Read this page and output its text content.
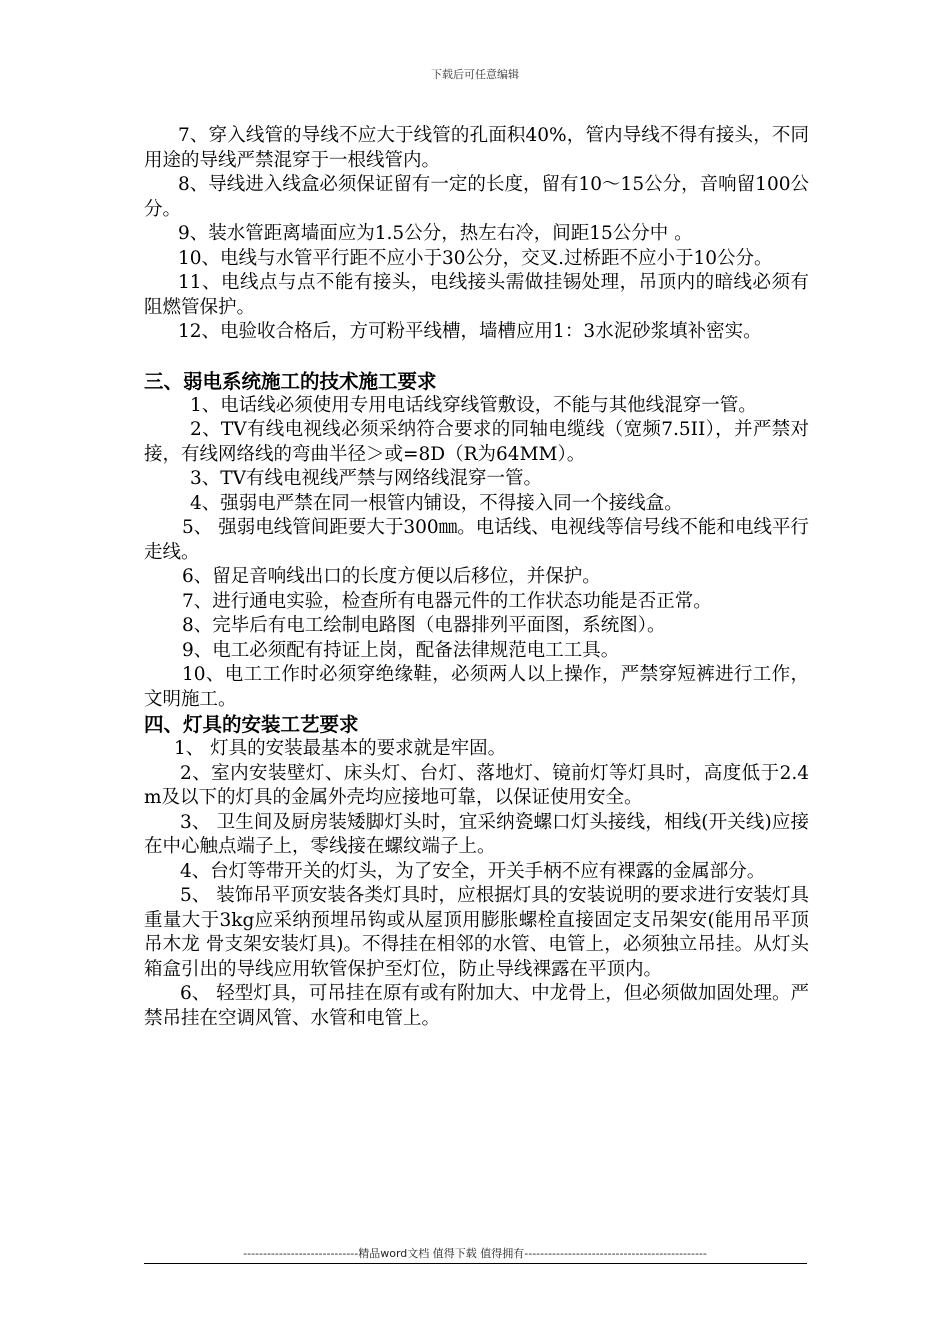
下载后可任意编辑

7、穿入线管的导线不应大于线管的孔面积40%，管内导线不得有接头，不同用途的导线严禁混穿于一根线管内。

8、导线进入线盒必须保证留有一定的长度，留有10～15公分，音响留100公分。

9、装水管距离墙面应为1.5公分，热左右冷，间距15公分中 。

10、电线与水管平行距不应小于30公分，交叉.过桥距不应小于10公分。

11、电线点与点不能有接头，电线接头需做挂锡处理，吊顶内的暗线必须有阻燃管保护。

12、电验收合格后，方可粉平线槽，墙槽应用1：3水泥砂浆填补密实。

三、弱电系统施工的技术施工要求

1、电话线必须使用专用电话线穿线管敷设，不能与其他线混穿一管。

2、TV有线电视线必须采纳符合要求的同轴电缆线（宽频7.5II），并严禁对接，有线网络线的弯曲半径＞或=8D（R为64MM）。

3、TV有线电视线严禁与网络线混穿一管。

4、强弱电严禁在同一根管内铺设，不得接入同一个接线盒。

5、 强弱电线管间距要大于300㎜。电话线、电视线等信号线不能和电线平行走线。

6、留足音响线出口的长度方便以后移位，并保护。

7、进行通电实验，检查所有电器元件的工作状态功能是否正常。

8、完毕后有电工绘制电路图（电器排列平面图，系统图）。

9、电工必须配有持证上岗，配备法律规范电工工具。

10、电工工作时必须穿绝缘鞋，必须两人以上操作，严禁穿短裤进行工作，文明施工。

四、灯具的安装工艺要求

1、 灯具的安装最基本的要求就是牢固。

2、室内安装壁灯、床头灯、台灯、落地灯、镜前灯等灯具时，高度低于2.4m及以下的灯具的金属外壳均应接地可靠，以保证使用安全。

3、 卫生间及厨房装矮脚灯头时，宜采纳瓷螺口灯头接线，相线(开关线)应接在中心触点端子上，零线接在螺纹端子上。

4、台灯等带开关的灯头，为了安全，开关手柄不应有裸露的金属部分。

5、 装饰吊平顶安装各类灯具时，应根据灯具的安装说明的要求进行安装灯具重量大于3kg应采纳预埋吊钩或从屋顶用膨胀螺栓直接固定支吊架安(能用吊平顶吊木龙 骨支架安装灯具)。不得挂在相邻的水管、电管上，必须独立吊挂。从灯头箱盒引出的导线应用软管保护至灯位，防止导线裸露在平顶内。

6、 轻型灯具，可吊挂在原有或有附加大、中龙骨上，但必须做加固处理。严禁吊挂在空调风管、水管和电管上。

-----------------------------精品word文档 值得下载 值得拥有----------------------------------------------
